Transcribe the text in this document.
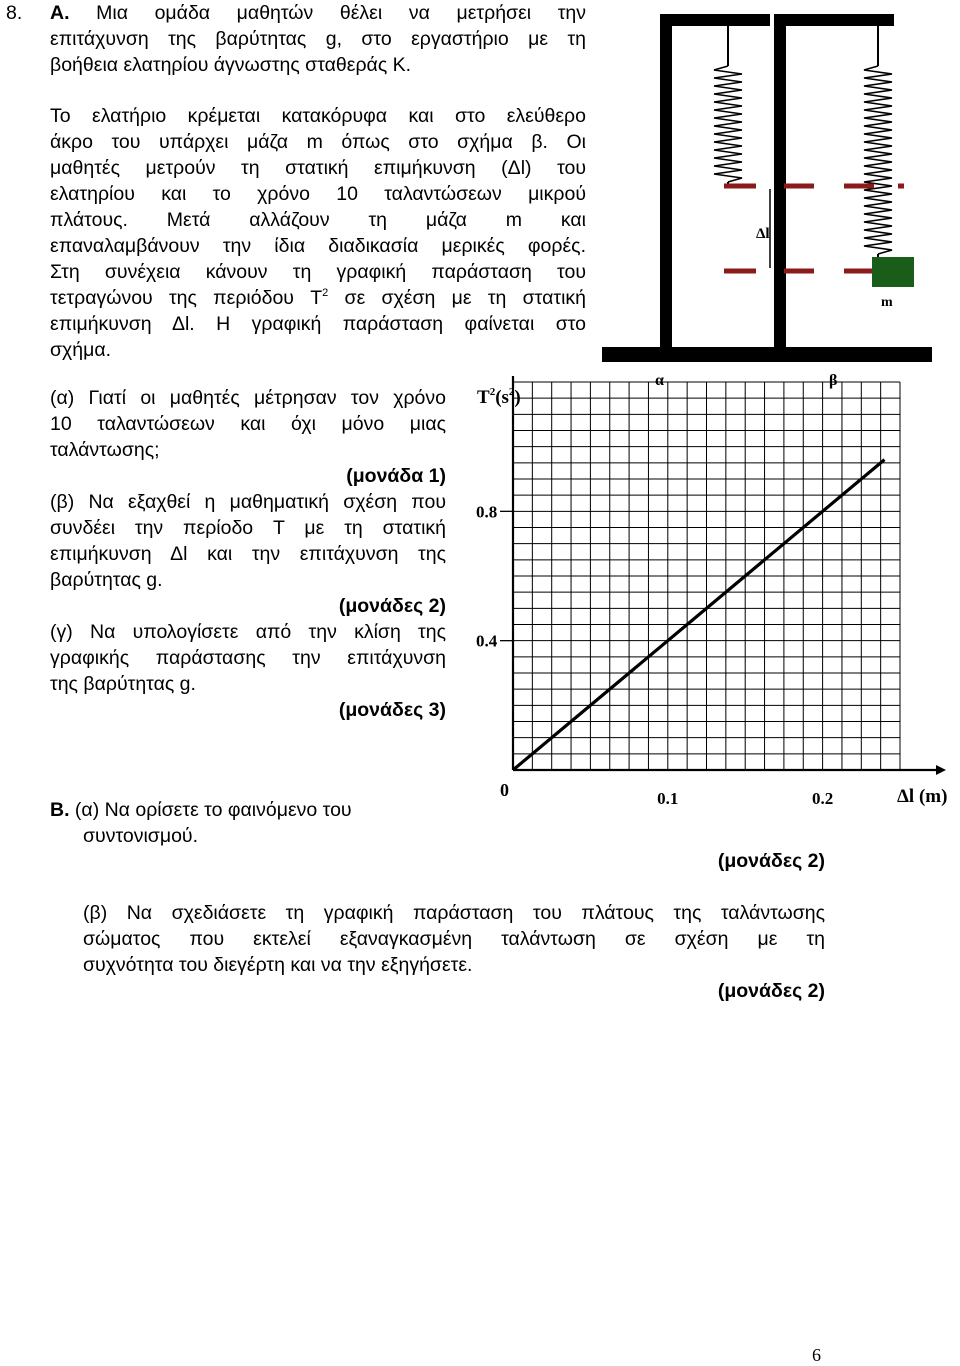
8. A. Μια ομάδα μαθητών θέλει να μετρήσει την
επιτάχυνση της βαρύτητας g, στο εργαστήριο με τη
βοήθεια ελατηρίου άγνωστης σταθεράς K.
Το ελατήριο κρέμεται κατακόρυφα και στο ελεύθερο
άκρο του υπάρχει μάζα m όπως στο σχήμα β. Οι
μαθητές μετρούν τη στατική επιμήκυνση (Δl) του
ελατηρίου και το χρόνο 10 ταλαντώσεων μικρού
πλάτους. Μετά αλλάζουν τη μάζα m και
επαναλαμβάνουν την ίδια διαδικασία μερικές φορές.
Στη συνέχεια κάνουν τη γραφική παράσταση του
τετραγώνου της περιόδου $T^2$ σε σχέση με τη στατική
επιμήκυνση Δl. Η γραφική παράσταση φαίνεται στο
σχήμα.
(α) Γιατί οι μαθητές μέτρησαν τον χρόνο
10 ταλαντώσεων και όχι μόνο μιας
ταλάντωσης;
(μονάδα 1)
(β) Να εξαχθεί η μαθηματική σχέση που
συνδέει την περίοδο T με τη στατική
επιμήκυνση Δl και την επιτάχυνση της
βαρύτητας g.
(μονάδες 2)
(γ) Να υπολογίσετε από την κλίση της
γραφικής παράστασης την επιτάχυνση
της βαρύτητας g.
(μονάδες 3)
B. (α) Να ορίσετε το φαινόμενο του
συντονισμού.
(μονάδες 2)
(β) Να σχεδιάσετε τη γραφική παράσταση του πλάτους της ταλάντωσης
σώματος που εκτελεί εξαναγκασμένη ταλάντωση σε σχέση με τη
συχνότητα του διεγέρτη και να την εξηγήσετε.
(μονάδες 2)
6
m
Δl
α	β
0.4
0.8
0.1	0.2
$T^2(s^2)$
Δl (m)
0
